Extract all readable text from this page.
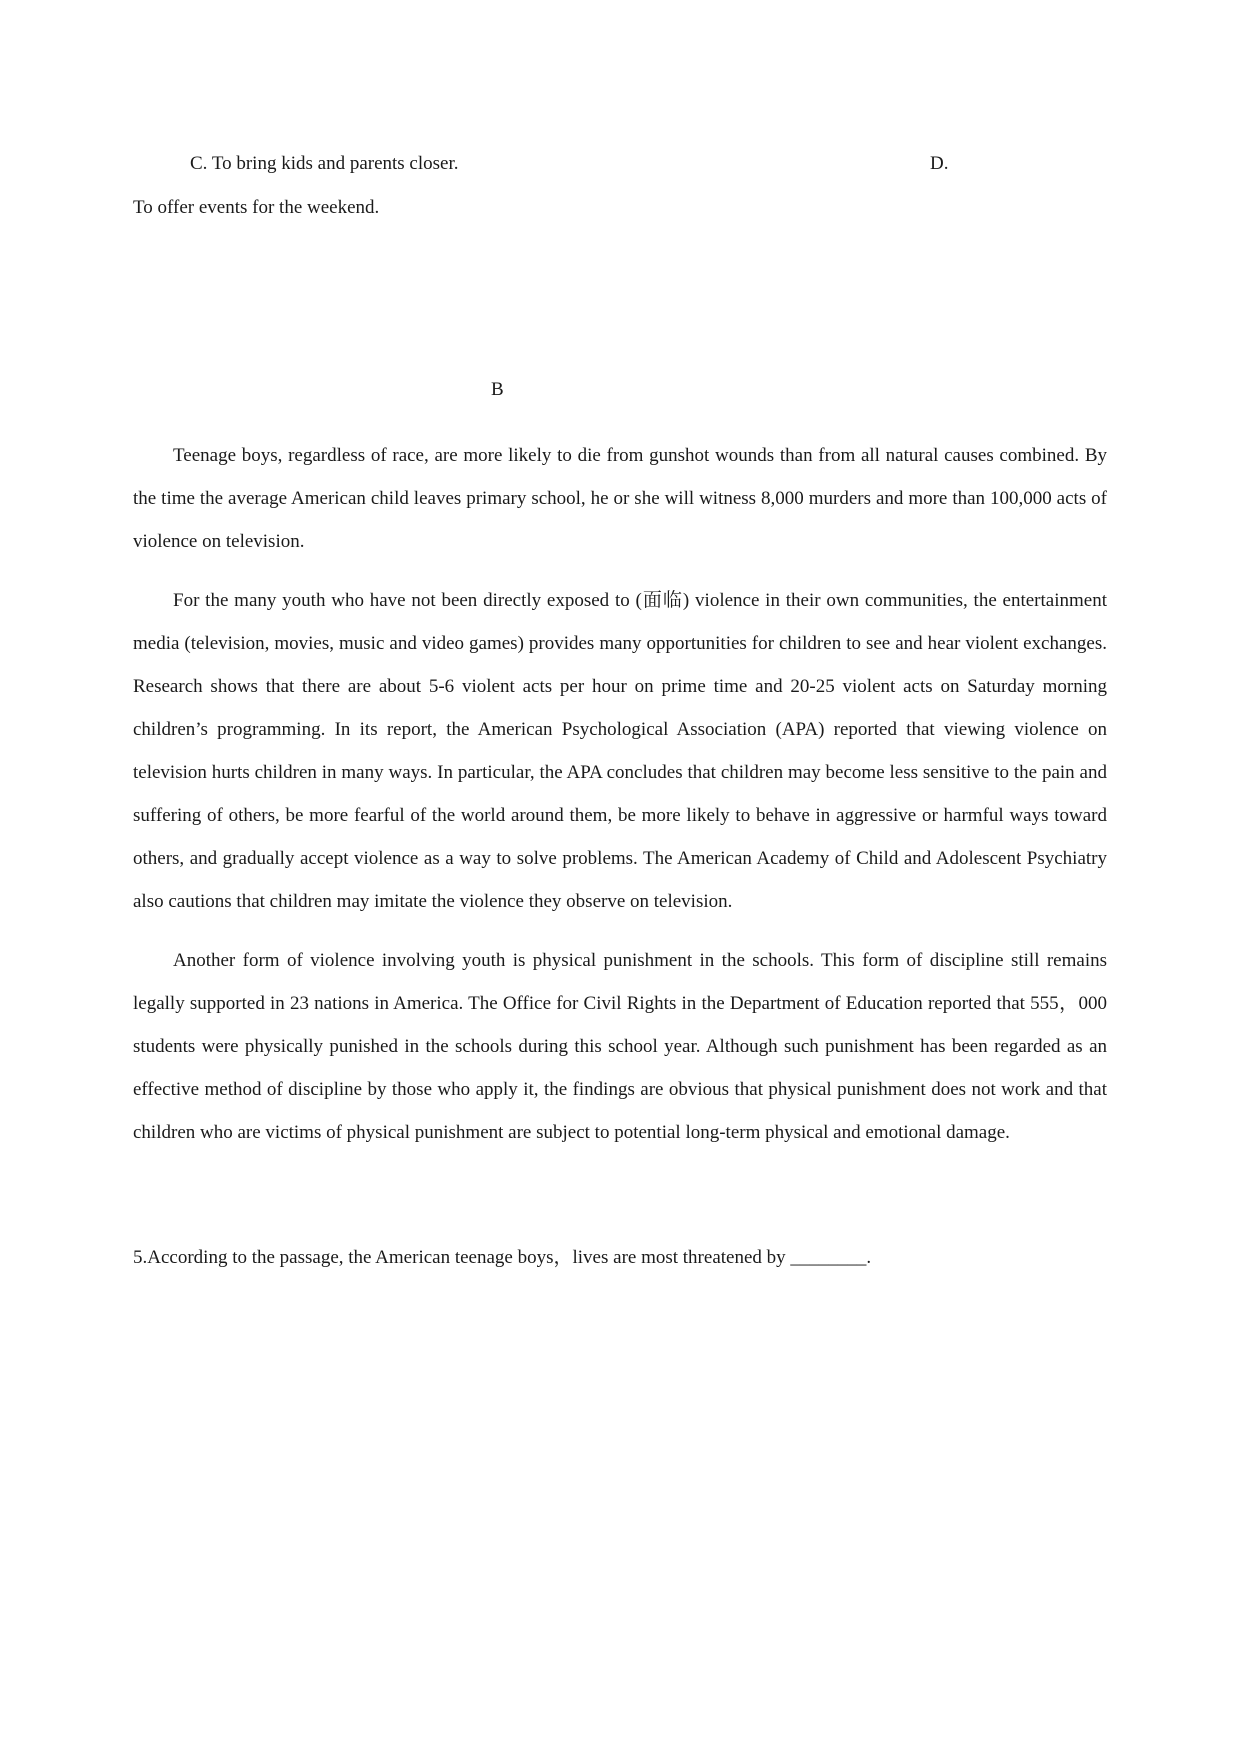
C. To bring kids and parents closer.	D.
To offer events for the weekend.
B

Teenage boys, regardless of race, are more likely to die from gunshot wounds than from all natural causes combined. By the time the average American child leaves primary school, he or she will witness 8,000 murders and more than 100,000 acts of violence on television.

For the many youth who have not been directly exposed to (面临) violence in their own communities, the entertainment media (television, movies, music and video games) provides many opportunities for children to see and hear violent exchanges. Research shows that there are about 5-6 violent acts per hour on prime time and 20-25 violent acts on Saturday morning children’s programming. In its report, the American Psychological Association (APA) reported that viewing violence on television hurts children in many ways. In particular, the APA concludes that children may become less sensitive to the pain and suffering of others, be more fearful of the world around them, be more likely to behave in aggressive or harmful ways toward others, and gradually accept violence as a way to solve problems. The American Academy of Child and Adolescent Psychiatry also cautions that children may imitate the violence they observe on television.

Another form of violence involving youth is physical punishment in the schools. This form of discipline still remains legally supported in 23 nations in America. The Office for Civil Rights in the Department of Education reported that 555，000 students were physically punished in the schools during this school year. Although such punishment has been regarded as an effective method of discipline by those who apply it, the findings are obvious that physical punishment does not work and that children who are victims of physical punishment are subject to potential long-term physical and emotional damage.

5.According to the passage, the American teenage boys，lives are most threatened by ________.
